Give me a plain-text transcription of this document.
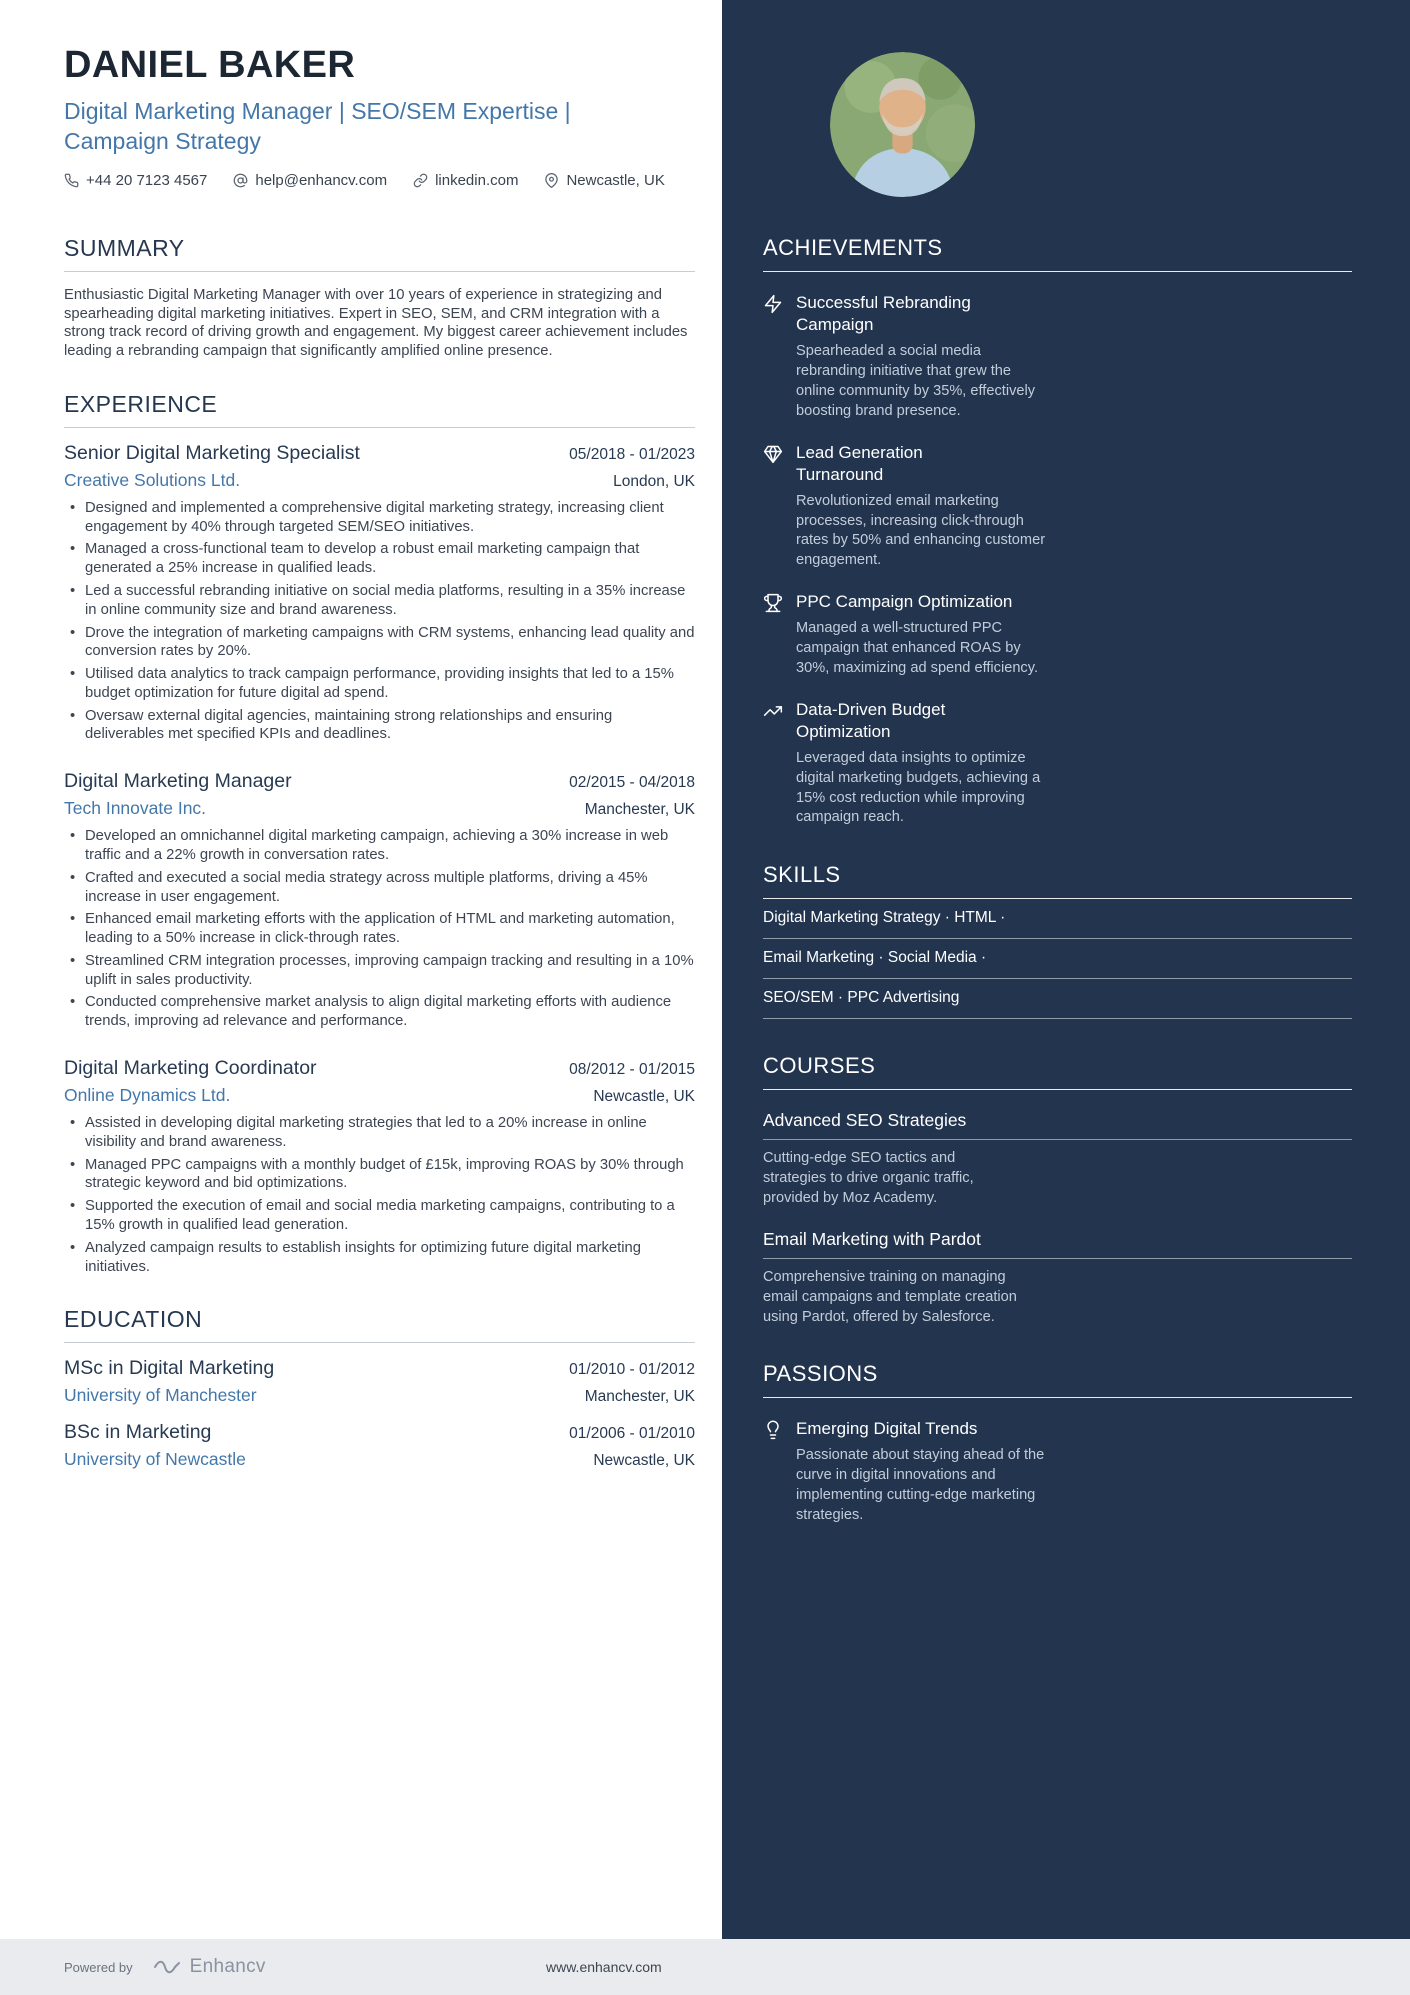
DANIEL BAKER
Digital Marketing Manager | SEO/SEM Expertise | Campaign Strategy
+44 20 7123 4567	help@enhancv.com	linkedin.com	Newcastle, UK
SUMMARY

Enthusiastic Digital Marketing Manager with over 10 years of experience in strategizing and spearheading digital marketing initiatives. Expert in SEO, SEM, and CRM integration with a strong track record of driving growth and engagement. My biggest career achievement includes leading a rebranding campaign that significantly amplified online presence.

EXPERIENCE
Senior Digital Marketing Specialist	05/2018 - 01/2023
Creative Solutions Ltd.	London, UK
• Designed and implemented a comprehensive digital marketing strategy, increasing client engagement by 40% through targeted SEM/SEO initiatives.
• Managed a cross-functional team to develop a robust email marketing campaign that generated a 25% increase in qualified leads.
• Led a successful rebranding initiative on social media platforms, resulting in a 35% increase in online community size and brand awareness.
• Drove the integration of marketing campaigns with CRM systems, enhancing lead quality and conversion rates by 20%.
• Utilised data analytics to track campaign performance, providing insights that led to a 15% budget optimization for future digital ad spend.
• Oversaw external digital agencies, maintaining strong relationships and ensuring deliverables met specified KPIs and deadlines.
Digital Marketing Manager	02/2015 - 04/2018
Tech Innovate Inc.	Manchester, UK
• Developed an omnichannel digital marketing campaign, achieving a 30% increase in web traffic and a 22% growth in conversation rates.
• Crafted and executed a social media strategy across multiple platforms, driving a 45% increase in user engagement.
• Enhanced email marketing efforts with the application of HTML and marketing automation, leading to a 50% increase in click-through rates.
• Streamlined CRM integration processes, improving campaign tracking and resulting in a 10% uplift in sales productivity.
• Conducted comprehensive market analysis to align digital marketing efforts with audience trends, improving ad relevance and performance.
Digital Marketing Coordinator	08/2012 - 01/2015
Online Dynamics Ltd.	Newcastle, UK
• Assisted in developing digital marketing strategies that led to a 20% increase in online visibility and brand awareness.
• Managed PPC campaigns with a monthly budget of £15k, improving ROAS by 30% through strategic keyword and bid optimizations.
• Supported the execution of email and social media marketing campaigns, contributing to a 15% growth in qualified lead generation.
• Analyzed campaign results to establish insights for optimizing future digital marketing initiatives.
EDUCATION
MSc in Digital Marketing	01/2010 - 01/2012
University of Manchester	Manchester, UK
BSc in Marketing	01/2006 - 01/2010
University of Newcastle	Newcastle, UK
ACHIEVEMENTS
Successful Rebranding Campaign

Spearheaded a social media rebranding initiative that grew the online community by 35%, effectively boosting brand presence.

Lead Generation Turnaround

Revolutionized email marketing processes, increasing click-through rates by 50% and enhancing customer engagement.

PPC Campaign Optimization

Managed a well-structured PPC campaign that enhanced ROAS by 30%, maximizing ad spend efficiency.

Data-Driven Budget Optimization

Leveraged data insights to optimize digital marketing budgets, achieving a 15% cost reduction while improving campaign reach.

SKILLS
Digital Marketing Strategy · HTML ·
Email Marketing · Social Media ·
SEO/SEM · PPC Advertising
COURSES
Advanced SEO Strategies

Cutting-edge SEO tactics and strategies to drive organic traffic, provided by Moz Academy.

Email Marketing with Pardot

Comprehensive training on managing email campaigns and template creation using Pardot, offered by Salesforce.

PASSIONS
Emerging Digital Trends

Passionate about staying ahead of the curve in digital innovations and implementing cutting-edge marketing strategies.

Powered by	Enhancv	www.enhancv.com
